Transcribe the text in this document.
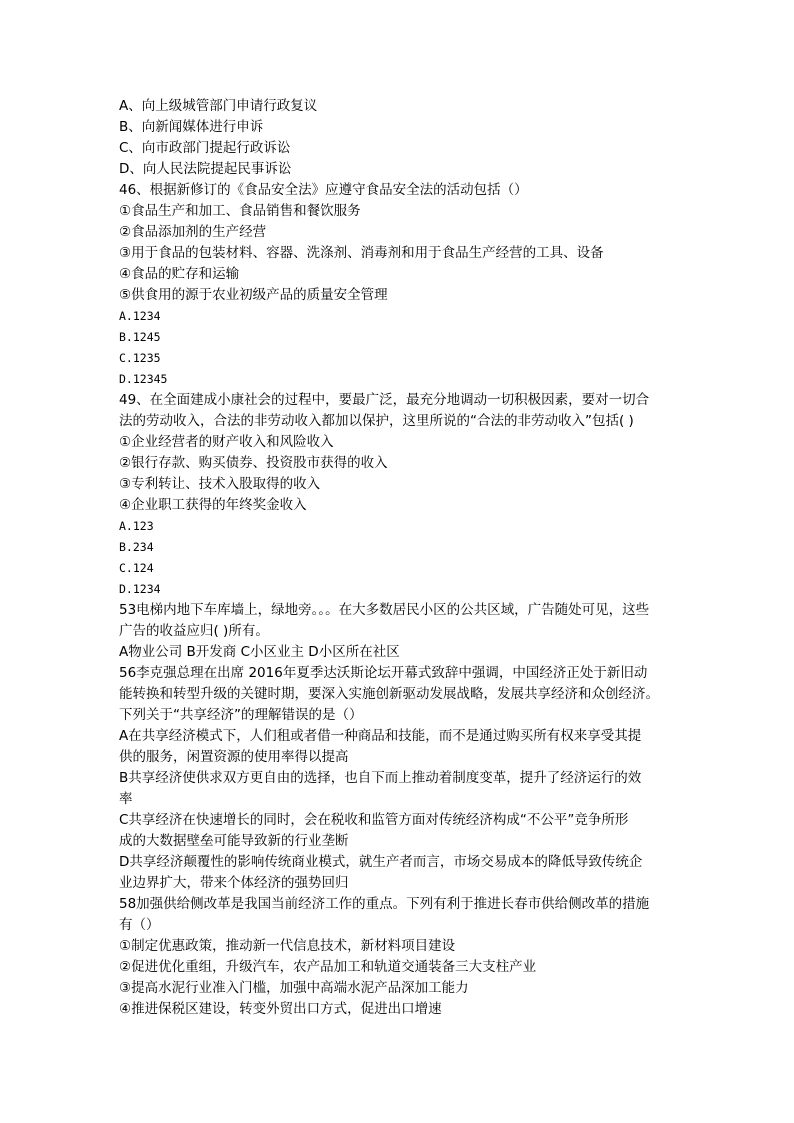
A、向上级城管部门申请行政复议
B、向新闻媒体进行申诉
C、向市政部门提起行政诉讼
D、向人民法院提起民事诉讼
46、根据新修订的《食品安全法》应遵守食品安全法的活动包括（）
①食品生产和加工、食品销售和餐饮服务
②食品添加剂的生产经营
③用于食品的包装材料、容器、洗涤剂、消毒剂和用于食品生产经营的工具、设备
④食品的贮存和运输
⑤供食用的源于农业初级产品的质量安全管理
A.1234
B.1245
C.1235
D.12345
49、在全面建成小康社会的过程中，要最广泛，最充分地调动一切积极因素，要对一切合
法的劳动收入，合法的非劳动收入都加以保护，这里所说的“合法的非劳动收入”包括( )
①企业经营者的财产收入和风险收入
②银行存款、购买债券、投资股市获得的收入
③专利转让、技术入股取得的收入
④企业职工获得的年终奖金收入
A.123
B.234
C.124
D.1234
53电梯内地下车库墙上，绿地旁。。。在大多数居民小区的公共区域，广告随处可见，这些
广告的收益应归( )所有。
A物业公司 B开发商 C小区业主 D小区所在社区
56李克强总理在出席 2016年夏季达沃斯论坛开幕式致辞中强调，中国经济正处于新旧动
能转换和转型升级的关键时期，要深入实施创新驱动发展战略，发展共享经济和众创经济。
下列关于“共享经济”的理解错误的是（）
A在共享经济模式下，人们租或者借一种商品和技能，而不是通过购买所有权来享受其提
供的服务，闲置资源的使用率得以提高
B共享经济使供求双方更自由的选择，也自下而上推动着制度变革，提升了经济运行的效
率
C共享经济在快速增长的同时，会在税收和监管方面对传统经济构成“不公平”竞争所形
成的大数据壁垒可能导致新的行业垄断
D共享经济颠覆性的影响传统商业模式，就生产者而言，市场交易成本的降低导致传统企
业边界扩大，带来个体经济的强势回归
58加强供给侧改革是我国当前经济工作的重点。下列有利于推进长春市供给侧改革的措施
有（）
①制定优惠政策，推动新一代信息技术，新材料项目建设
②促进优化重组，升级汽车，农产品加工和轨道交通装备三大支柱产业
③提高水泥行业准入门槛，加强中高端水泥产品深加工能力
④推进保税区建设，转变外贸出口方式，促进出口增速
